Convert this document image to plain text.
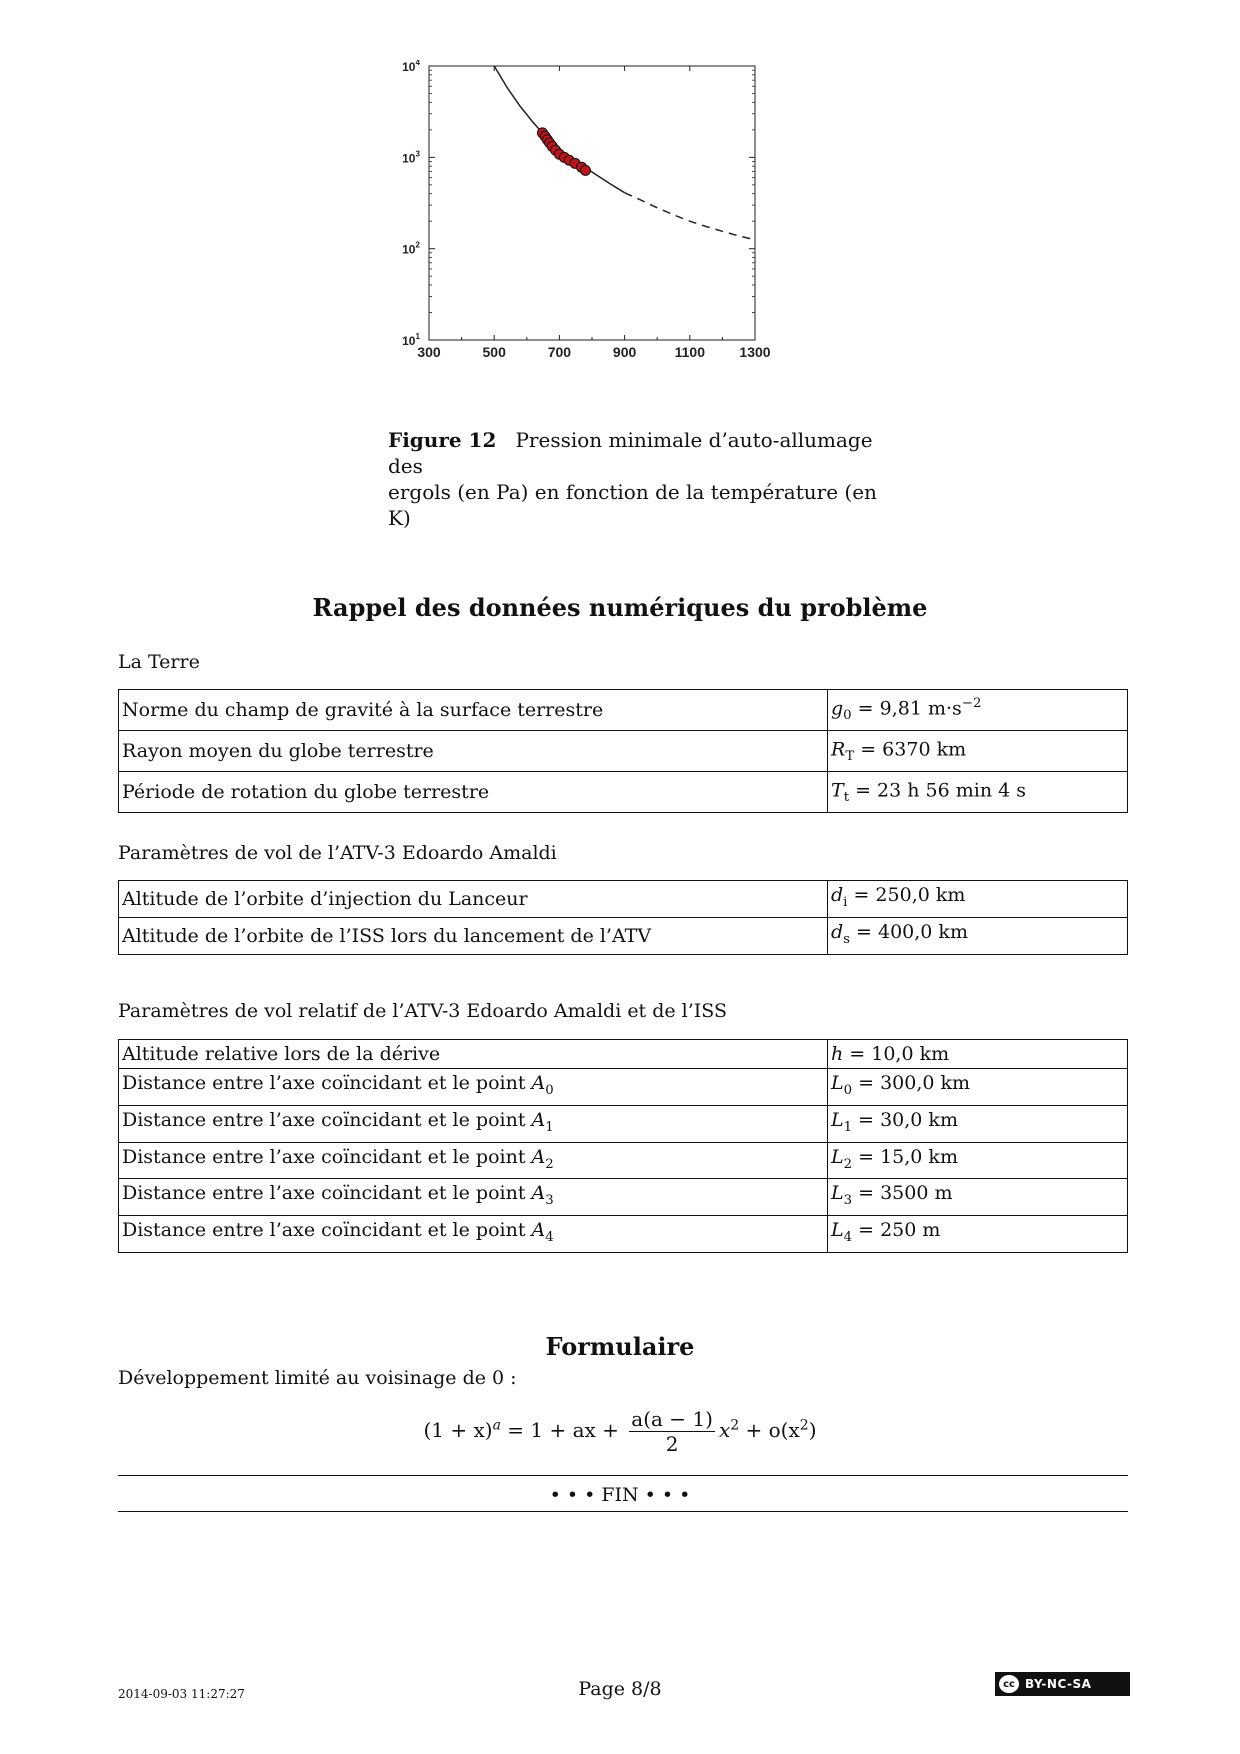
300	500	700	900	1100 1300
$10^1$
$10^2$
$10^3$
$10^4$
Figure 12 Pression minimale d’auto-allumage des
ergols (en Pa) en fonction de la température (en K)
Rappel des données numériques du problème
La Terre
Norme du champ de gravité à la surface terrestre	$g_0 = 9,81$ $m\cdot s^{-2}$
Rayon moyen du globe terrestre	$R_T = 6370$ km
Période de rotation du globe terrestre	$T_t = 23$ h 56 min 4 s
Paramètres de vol de l’ATV-3 Edoardo Amaldi
Altitude de l’orbite d’injection du Lanceur	$d_i = 250,0$ km
Altitude de l’orbite de l’ISS lors du lancement de l’ATV	$d_s = 400,0$ km
Paramètres de vol relatif de l’ATV-3 Edoardo Amaldi et de l’ISS
Altitude relative lors de la dérive	h = 10,0 km
Distance entre l’axe coïncidant et le point $A_0$	$L_0 = 300,0$ km
Distance entre l’axe coïncidant et le point $A_1$	$L_1 = 30,0$ km
Distance entre l’axe coïncidant et le point $A_2$	$L_2 = 15,0$ km
Distance entre l’axe coïncidant et le point $A_3$	$L_3 = 3500$ m
Distance entre l’axe coïncidant et le point $A_4$	$L_4 = 250$ m
Formulaire
Développement limité au voisinage de 0 :
$(1 + x)^a = 1$ + ax + $\frac{a(a - 1)}{2} x^2 + o(x^2)$
• • • FIN • • •
2014-09-03 11:27:27	Page 8/8	cc BY-NC-SA
